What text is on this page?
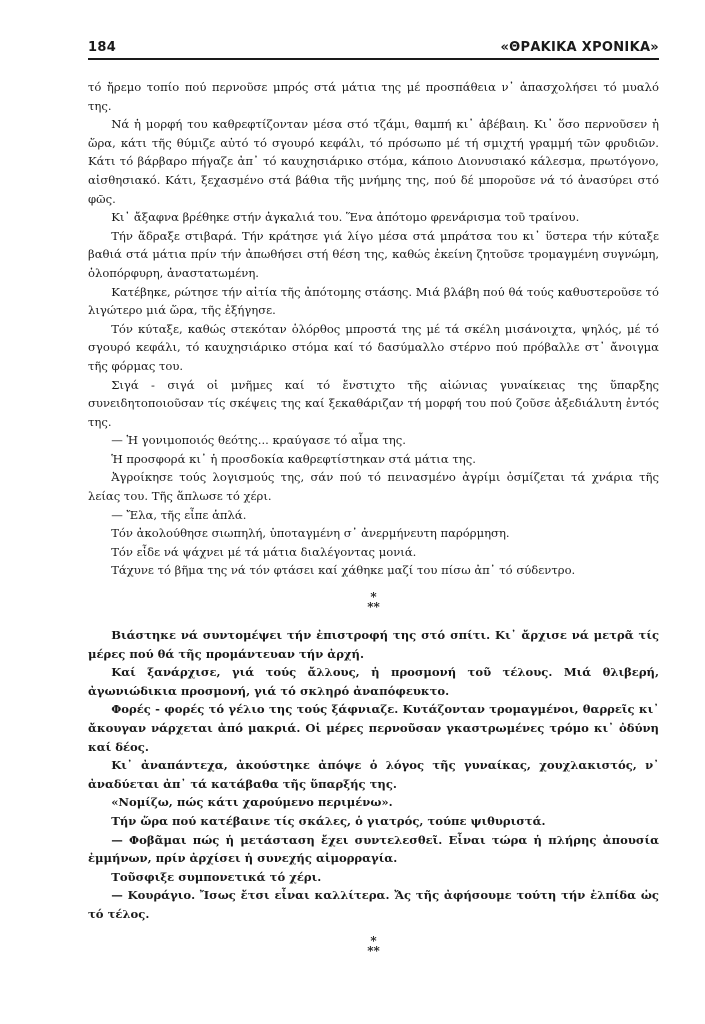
184	«ΘΡΑΚΙΚΑ ΧΡΟΝΙΚΑ»

τό ἤρεμο τοπίο πού περνοῦσε μπρός στά μάτια της μέ προσπάθεια ν᾿ ἀπασχολήσει τό μυαλό της.

Νά ἡ μορφή του καθρεφτίζονταν μέσα στό τζάμι, θαμπή κι᾿ ἀβέβαιη. Κι᾿ ὅσο περνοῦσεν ἡ ὥρα, κάτι τῆς θύμιζε αὐτό τό σγουρό κεφάλι, τό πρόσωπο μέ τή σμιχτή γραμμή τῶν φρυδιῶν. Κάτι τό βάρβαρο πήγαζε ἀπ᾿ τό καυχησιάρικο στόμα, κάποιο Διονυσιακό κάλεσμα, πρωτόγονο, αἰσθησιακό. Κάτι, ξεχασμένο στά βάθια τῆς μνήμης της, πού δέ μποροῦσε νά τό ἀνασύρει στό φῶς.

Κι᾿ ἄξαφνα βρέθηκε στήν ἀγκαλιά του. Ἕνα ἀπότομο φρενάρισμα τοῦ τραίνου.

Τήν ἅδραξε στιβαρά. Τήν κράτησε γιά λίγο μέσα στά μπράτσα του κι᾿ ὕστερα τήν κύταξε βαθιά στά μάτια πρίν τήν ἀπωθήσει στή θέση της, καθώς ἐκείνη ζητοῦσε τρομαγμένη συγνώμη, ὁλοπόρφυρη, ἀναστατωμένη.

Κατέβηκε, ρώτησε τήν αἰτία τῆς ἀπότομης στάσης. Μιά βλάβη πού θά τούς καθυστεροῦσε τό λιγώτερο μιά ὥρα, τῆς ἐξήγησε.

Τόν κύταξε, καθώς στεκόταν ὁλόρθος μπροστά της μέ τά σκέλη μισάνοιχτα, ψηλός, μέ τό σγουρό κεφάλι, τό καυχησιάρικο στόμα καί τό δασύμαλλο στέρνο πού πρόβαλλε στ᾿ ἄνοιγμα τῆς φόρμας του.

Σιγά - σιγά οἱ μνῆμες καί τό ἔνστιχτο τῆς αἰώνιας γυναίκειας της ὕπαρξης συνειδητοποιοῦσαν τίς σκέψεις της καί ξεκαθάριζαν τή μορφή του πού ζοῦσε ἀξεδιάλυτη ἐντός της.

— Ἡ γονιμοποιός θεότης... κραύγασε τό αἷμα της.

Ἡ προσφορά κι᾿ ἡ προσδοκία καθρεφτίστηκαν στά μάτια της.

Ἀγροίκησε τούς λογισμούς της, σάν πού τό πεινασμένο ἀγρίμι ὀσμίζεται τά χνάρια τῆς λείας του. Τῆς ἅπλωσε τό χέρι.

— Ἔλα, τῆς εἶπε ἁπλά.

Τόν ἀκολούθησε σιωπηλή, ὑποταγμένη σ᾿ ἀνερμήνευτη παρόρμηση.

Τόν εἶδε νά ψάχνει μέ τά μάτια διαλέγοντας μονιά.

Τάχυνε τό βῆμα της νά τόν φτάσει καί χάθηκε μαζί του πίσω ἀπ᾿ τό σύδεντρο.

*
**

Βιάστηκε νά συντομέψει τήν ἐπιστροφή της στό σπίτι. Κι᾿ ἄρχισε νά μετρᾶ τίς μέρες πού θά τῆς προμάντευαν τήν ἀρχή.

Καί ξανάρχισε, γιά τούς ἄλλους, ἡ προσμονή τοῦ τέλους. Μιά θλιβερή, ἀγωνιώδικια προσμονή, γιά τό σκληρό ἀναπόφευκτο.

Φορές - φορές τό γέλιο της τούς ξάφνιαζε. Κυτάζονταν τρομαγμένοι, θαρρεῖς κι᾿ ἄκουγαν νάρχεται ἀπό μακριά. Οἱ μέρες περνοῦσαν γκαστρωμένες τρόμο κι᾿ ὀδύνη καί δέος.

Κι᾿ ἀναπάντεχα, ἀκούστηκε ἀπόψε ὁ λόγος τῆς γυναίκας, χουχλακιστός, ν᾿ ἀναδύεται ἀπ᾿ τά κατάβαθα τῆς ὕπαρξής της.

«Νομίζω, πώς κάτι χαρούμενο περιμένω».

Τήν ὥρα πού κατέβαινε τίς σκάλες, ὁ γιατρός, τούπε ψιθυριστά.

— Φοβᾶμαι πώς ἡ μετάσταση ἔχει συντελεσθεῖ. Εἶναι τώρα ἡ πλήρης ἀπουσία ἐμμήνων, πρίν ἀρχίσει ἡ συνεχής αἱμορραγία.

Τοῦσφιξε συμπονετικά τό χέρι.

— Κουράγιο. Ἴσως ἔτσι εἶναι καλλίτερα. Ἄς τῆς ἀφήσουμε τούτη τήν ἐλπίδα ὡς τό τέλος.

*
**
